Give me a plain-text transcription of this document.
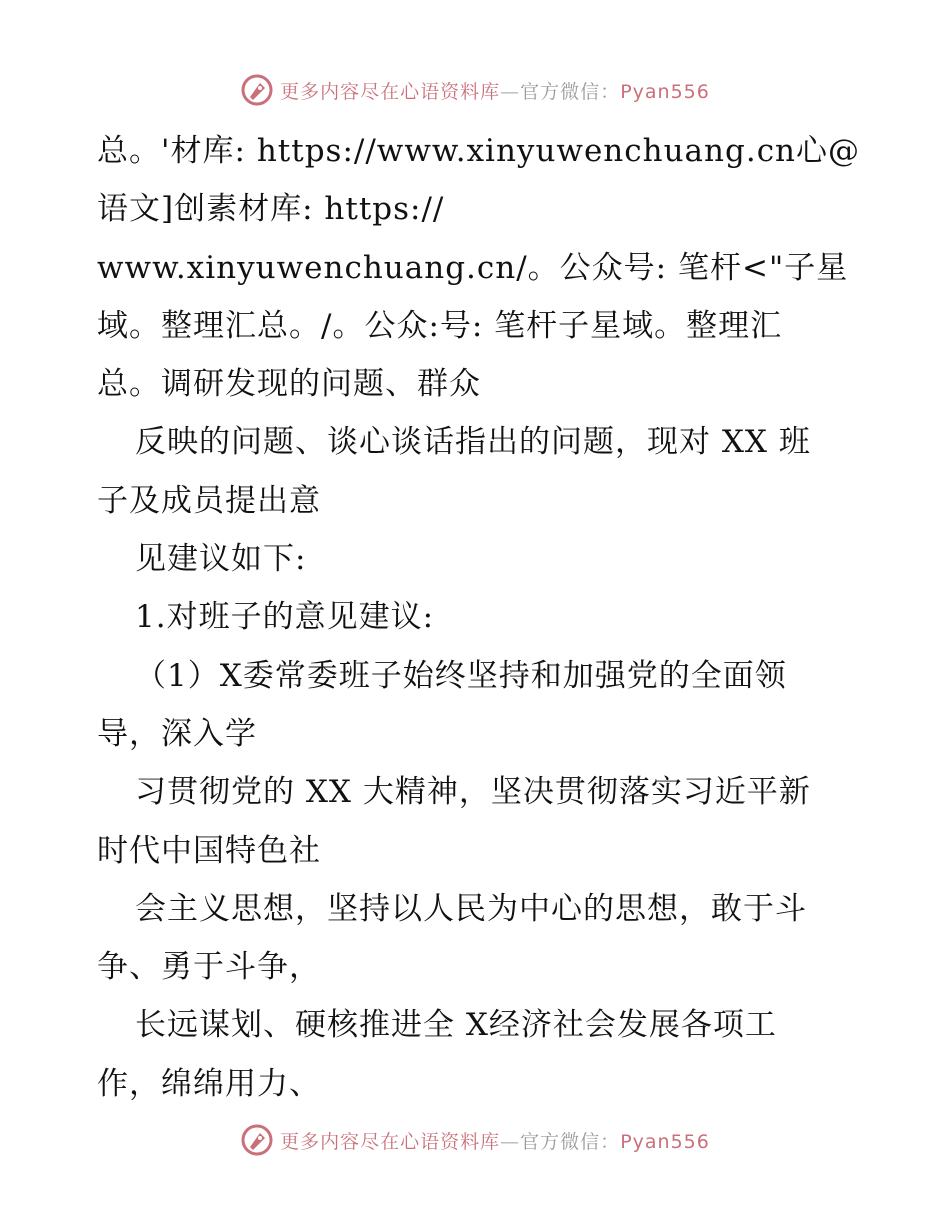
更多内容尽在心语资料库—官方微信：Pyan556
总。'材库: https://www.xinyuwenchuang.cn心@
语文]创素材库: https://
www.xinyuwenchuang.cn/。公众号: 笔杆<"子星
域。整理汇总。/。公众:号: 笔杆子星域。整理汇
总。调研发现的问题、群众
反映的问题、谈心谈话指出的问题，现对 XX 班
子及成员提出意
见建议如下:
1.对班子的意见建议:
（1）X委常委班子始终坚持和加强党的全面领
导，深入学
习贯彻党的 XX 大精神，坚决贯彻落实习近平新
时代中国特色社
会主义思想，坚持以人民为中心的思想，敢于斗
争、勇于斗争，
长远谋划、硬核推进全 X经济社会发展各项工
作，绵绵用力、
更多内容尽在心语资料库—官方微信：Pyan556
